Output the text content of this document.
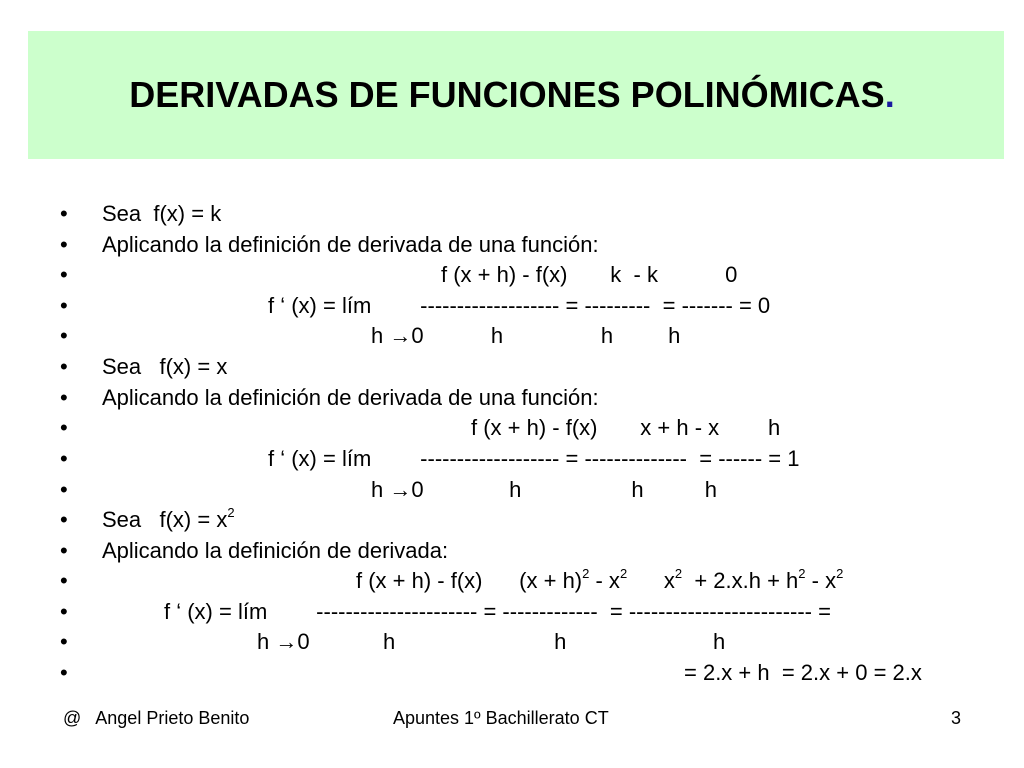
DERIVADAS DE FUNCIONES POLINÓMICAS.
•
•
•
•
•
•
•
•
•
•
•
•
•
•
•
•
Sea  f(x) = k
Aplicando la definición de derivada de una función:
f (x + h) - f(x)       k  - k           0
f ‘ (x) = lím        ------------------- = ---------  = ------- = 0
h →0           h                h         h
Sea   f(x) = x
Aplicando la definición de derivada de una función:
f (x + h) - f(x)       x + h - x        h
f ‘ (x) = lím        ------------------- = --------------  = ------ = 1
h →0              h                  h          h
Sea   $f(x) = x^2$
Aplicando la definición de derivada:
f (x + h) - f(x)      $(x + h)^2 - x^2$      $x^2 + 2.x.h + h^2 - x^2$
f ‘ (x) = lím        ---------------------- = -------------  = ------------------------- =
h →0            h                          h                        h
= 2.x + h  = 2.x + 0 = 2.x
@   Angel Prieto Benito	Apuntes 1º Bachillerato CT	3
